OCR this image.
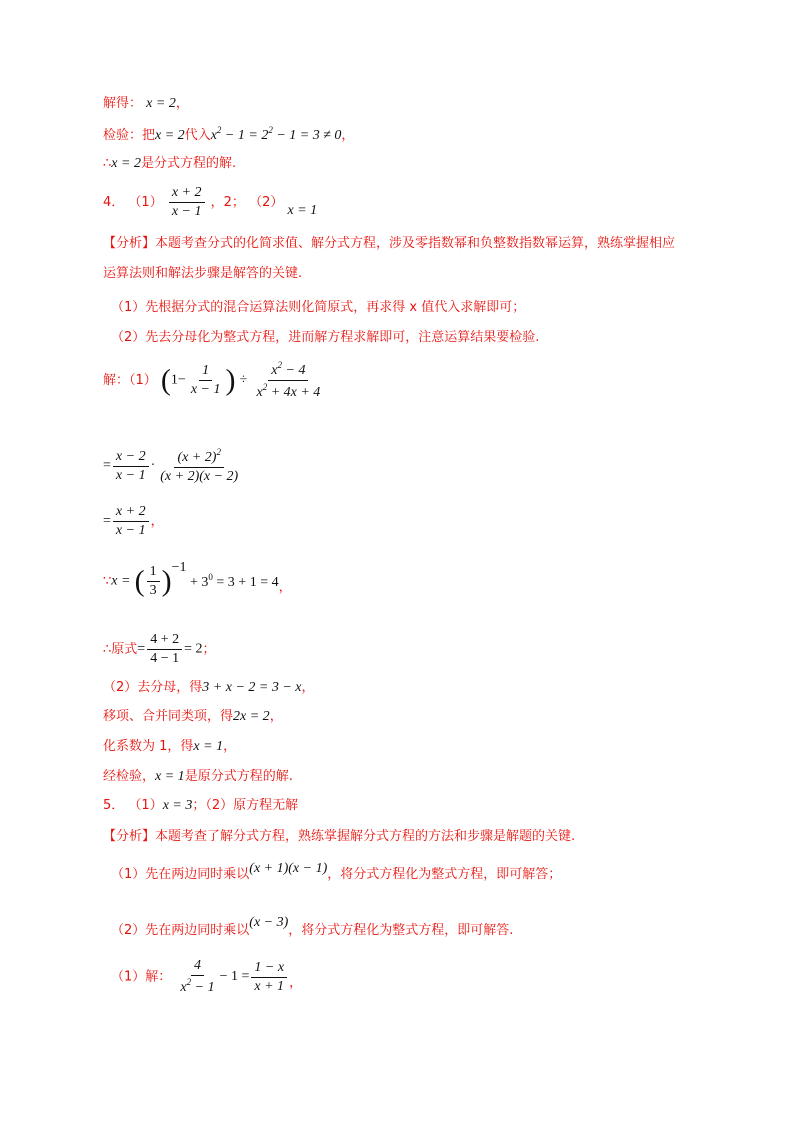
解得： x = 2，
检验：把x = 2代入$x^2 - 1 = 2^2 - 1 = 3 \ne 0$，
∴x = 2是分式方程的解.
4． $(1) \frac{x + 2}{x - 1}$ ，2； （2） x = 1
【分析】本题考查分式的化简求值、解分式方程，涉及零指数幂和负整数指数幂运算，熟练掌握相应
运算法则和解法步骤是解答的关键.
（1）先根据分式的混合运算法则化简原式，再求得 x 值代入求解即可；
（2）先去分母化为整式方程，进而解方程求解即可，注意运算结果要检验.
解：（1） ($1- \frac{1}{x - 1}$ ) ÷ $\frac{x^2 - 4}{x^2 + 4x + 4}$
= $\frac{x - 2}{x - 1} \cdot \frac{(x + 2)^2}{(x + 2)(x - 2)}$
= $\frac{x + 2}{x - 1}$ ，
∵x = ( $\frac{1}{3} )^{-1} + 3^0 = 3 + 1 = 4$，
∴原式= $\frac{4 + 2}{4 - 1} = 2$；
（2）去分母，得3 + x − 2 = 3 − x，
移项、合并同类项，得2x = 2，
化系数为 1，得x = 1，
经检验，x = 1是原分式方程的解.
5． （1）x = 3；（2）原方程无解
【分析】本题考查了解分式方程，熟练掌握解分式方程的方法和步骤是解题的关键.
（1）先在两边同时乘以(x + 1)(x − 1)，将分式方程化为整式方程，即可解答；
（2）先在两边同时乘以(x − 3)，将分式方程化为整式方程，即可解答.
（1）解： $\frac{4}{x^2 - 1} - 1 = \frac{1 - x}{x + 1}$ ，
